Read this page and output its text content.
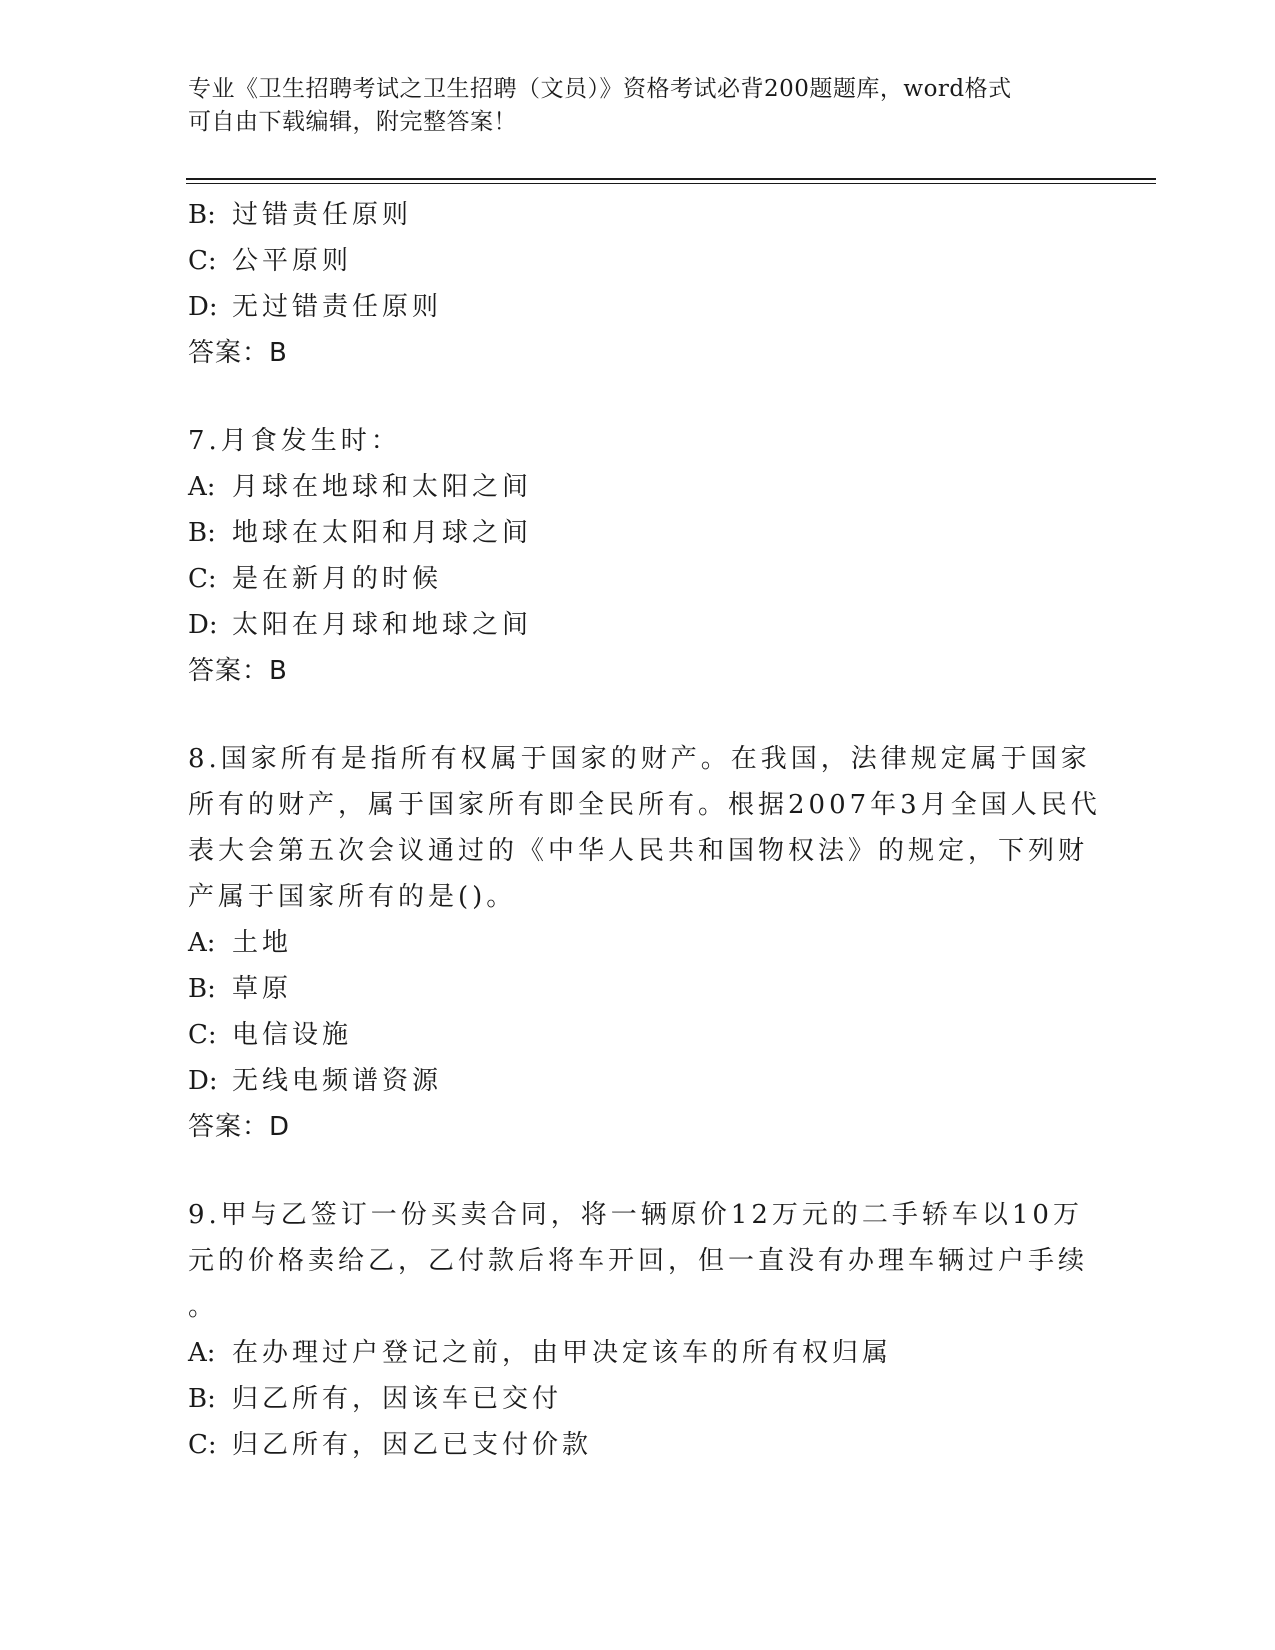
专业《卫生招聘考试之卫生招聘（文员）》资格考试必背200题题库，word格式
可自由下载编辑，附完整答案！
B: 过错责任原则
C: 公平原则
D: 无过错责任原则
答案：B
7.月食发生时：
A: 月球在地球和太阳之间
B: 地球在太阳和月球之间
C: 是在新月的时候
D: 太阳在月球和地球之间
答案：B
8.国家所有是指所有权属于国家的财产。在我国，法律规定属于国家
所有的财产，属于国家所有即全民所有。根据2007年3月全国人民代
表大会第五次会议通过的《中华人民共和国物权法》的规定，下列财
产属于国家所有的是()。
A: 土地
B: 草原
C: 电信设施
D: 无线电频谱资源
答案：D
9.甲与乙签订一份买卖合同，将一辆原价12万元的二手轿车以10万
元的价格卖给乙，乙付款后将车开回，但一直没有办理车辆过户手续
。
A: 在办理过户登记之前，由甲决定该车的所有权归属
B: 归乙所有，因该车已交付
C: 归乙所有，因乙已支付价款
